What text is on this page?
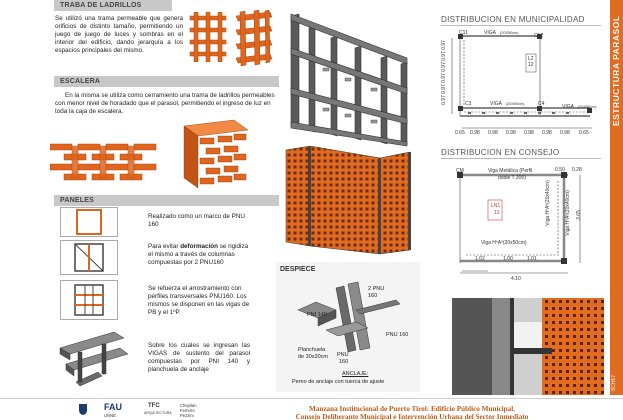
TRABA DE LADRILLOS
Se utilizó una trama permeable que genera orificios de distinto tamaño, permitiendo un juego de juego de luces y sombras en el interior del edificio, dando jerarquía a los espacios principales del mismo.
ESCALERA
En la misma se utiliza como cerramiento una trama de ladrillos permeables con menor nivel de horadado que el parasol, permitiendo el ingreso de luz en toda la caja de escalera.
PANELES
Realizado como un marco de PNU 160
Para evitar deformación se rigidiza el mismo a través de columnas compuestas por 2 PNU160
Se refuerza el arrostramiento con perfiles transversales PNU160. Los mismos se disponen en las vigas de PB y el 1ºP.
Sobre los cuales se ingresan las VIGAS de sustento del parasol compuestas por PNI 140 y planchuela de anclaje
DESPIECE
2 PNU
160
PNI 140
PNU 160
Planchuela
de 30x30cm PNU
160
ANCLAJE:
Perno de anclaje con tuerca de ajuste
DISTRIBUCION EN MUNICIPALIDAD
C11	VIGA (20X50cm)	C12
L2
12
C3	VIGA (20X50cm)	C4	VIGA (20X50cm)
0.97
0.97
0.97
0.97
0.97
0.97
0.65 0.98 0.98 0.98 0.98 0.98 0.98 0.65
DISTRIBUCION EN CONSEJO
CM	Viga Metálica (Perfil
doble T 200)
0.50 0.28
LN1
13	Viga HºAº(20x40cm)	Viga HºAº(20x40cm)
Viga HºAº(20x50cm)
3.65
1.02	1.00	1.01
4.10
ESTRUCTURA PARASOL
SCH17
FAU
UNNE
TFC
ARQUITECTURA
Chejolan
Ferreiro
Pezzini
Manzana Institucional de Puerto Tirol: Edificio Público Municipal,
Consejo Deliberante Municipal e Intervención Urbana del Sector Inmediato
